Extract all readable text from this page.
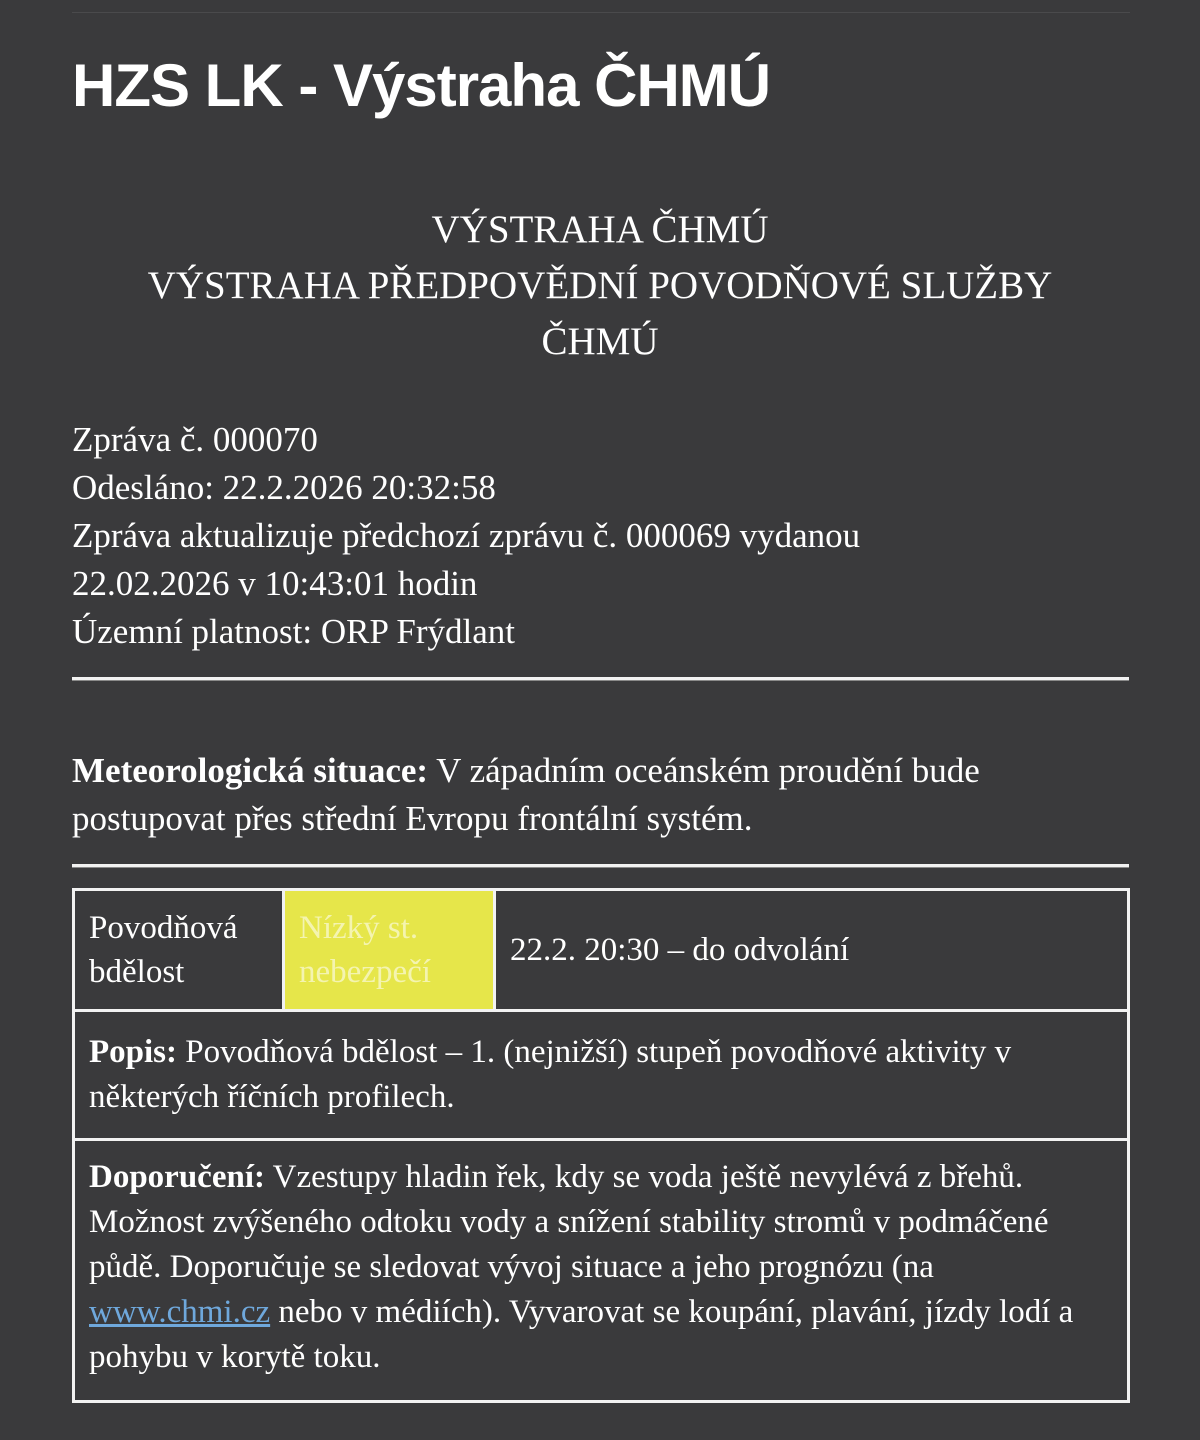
HZS LK - Výstraha ČHMÚ
VÝSTRAHA ČHMÚ
VÝSTRAHA PŘEDPOVĚDNÍ POVODŇOVÉ SLUŽBY
ČHMÚ
Zpráva č. 000070
Odesláno: 22.2.2026 20:32:58
Zpráva aktualizuje předchozí zprávu č. 000069 vydanou
22.02.2026 v 10:43:01 hodin
Územní platnost: ORP Frýdlant

Meteorologická situace: V západním oceánském proudění bude postupovat přes střední Evropu frontální systém.

Povodňová bdělost
Nízký st. nebezpečí
22.2. 20:30 – do odvolání
Popis: Povodňová bdělost – 1. (nejnižší) stupeň povodňové aktivity v některých říčních profilech.
Doporučení: Vzestupy hladin řek, kdy se voda ještě nevylévá z břehů. Možnost zvýšeného odtoku vody a snížení stability stromů v podmáčené půdě. Doporučuje se sledovat vývoj situace a jeho prognózu (na www.chmi.cz nebo v médiích). Vyvarovat se koupání, plavání, jízdy lodí a pohybu v korytě toku.
